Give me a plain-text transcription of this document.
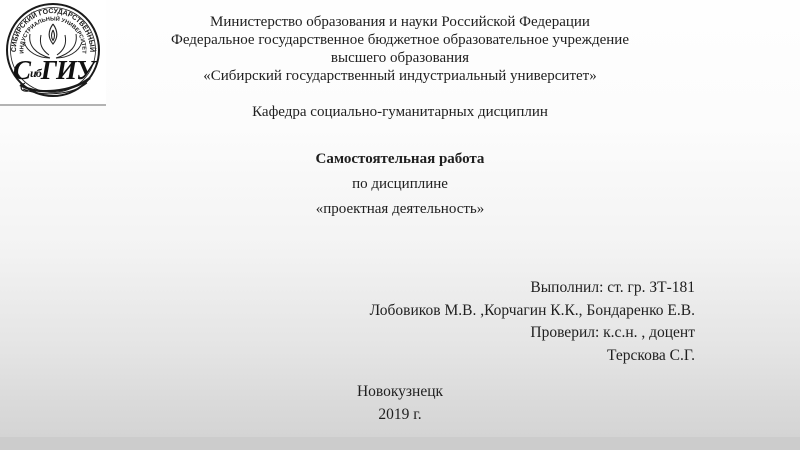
СИБИРСКИЙ ГОСУДАРСТВЕННЫЙ
ИНДУСТРИАЛЬНЫЙ УНИВЕРСИТЕТ
СибГИУ
Министерство образования и науки Российской Федерации
Федеральное государственное бюджетное образовательное учреждение
высшего образования
«Сибирский государственный индустриальный университет»
Кафедра социально-гуманитарных дисциплин
Самостоятельная работа
по дисциплине
«проектная деятельность»
Выполнил: ст. гр. ЗТ-181
Лобовиков М.В. ,Корчагин К.К., Бондаренко Е.В.
Проверил: к.с.н. , доцент
Терскова С.Г.
Новокузнецк
2019 г.
